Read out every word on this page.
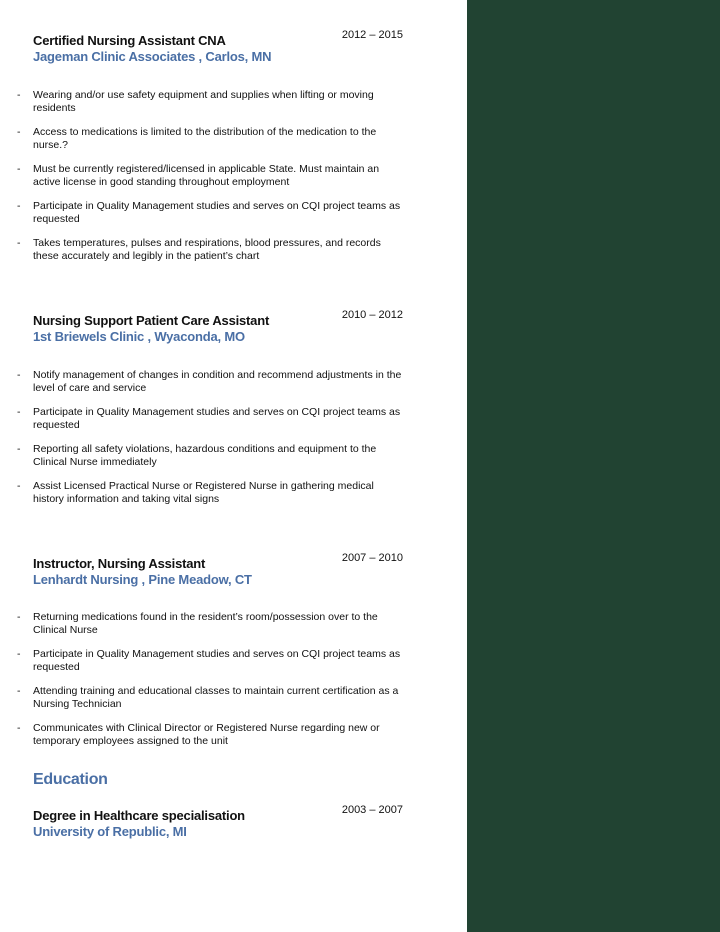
Certified Nursing Assistant CNA	2012 – 2015
Jageman Clinic Associates , Carlos, MN
- Wearing and/or use safety equipment and supplies when lifting or moving residents
- Access to medications is limited to the distribution of the medication to the nurse.?
- Must be currently registered/licensed in applicable State. Must maintain an active license in good standing throughout employment
- Participate in Quality Management studies and serves on CQI project teams as requested
- Takes temperatures, pulses and respirations, blood pressures, and records these accurately and legibly in the patient’s chart
Nursing Support Patient Care Assistant	2010 – 2012
1st Briewels Clinic , Wyaconda, MO
- Notify management of changes in condition and recommend adjustments in the level of care and service
- Participate in Quality Management studies and serves on CQI project teams as requested
- Reporting all safety violations, hazardous conditions and equipment to the Clinical Nurse immediately
- Assist Licensed Practical Nurse or Registered Nurse in gathering medical history information and taking vital signs
Instructor, Nursing Assistant	2007 – 2010
Lenhardt Nursing , Pine Meadow, CT
- Returning medications found in the resident’s room/possession over to the Clinical Nurse
- Participate in Quality Management studies and serves on CQI project teams as requested
- Attending training and educational classes to maintain current certification as a Nursing Technician
- Communicates with Clinical Director or Registered Nurse regarding new or temporary employees assigned to the unit
Education
Degree in Healthcare specialisation	2003 – 2007
University of Republic, MI
